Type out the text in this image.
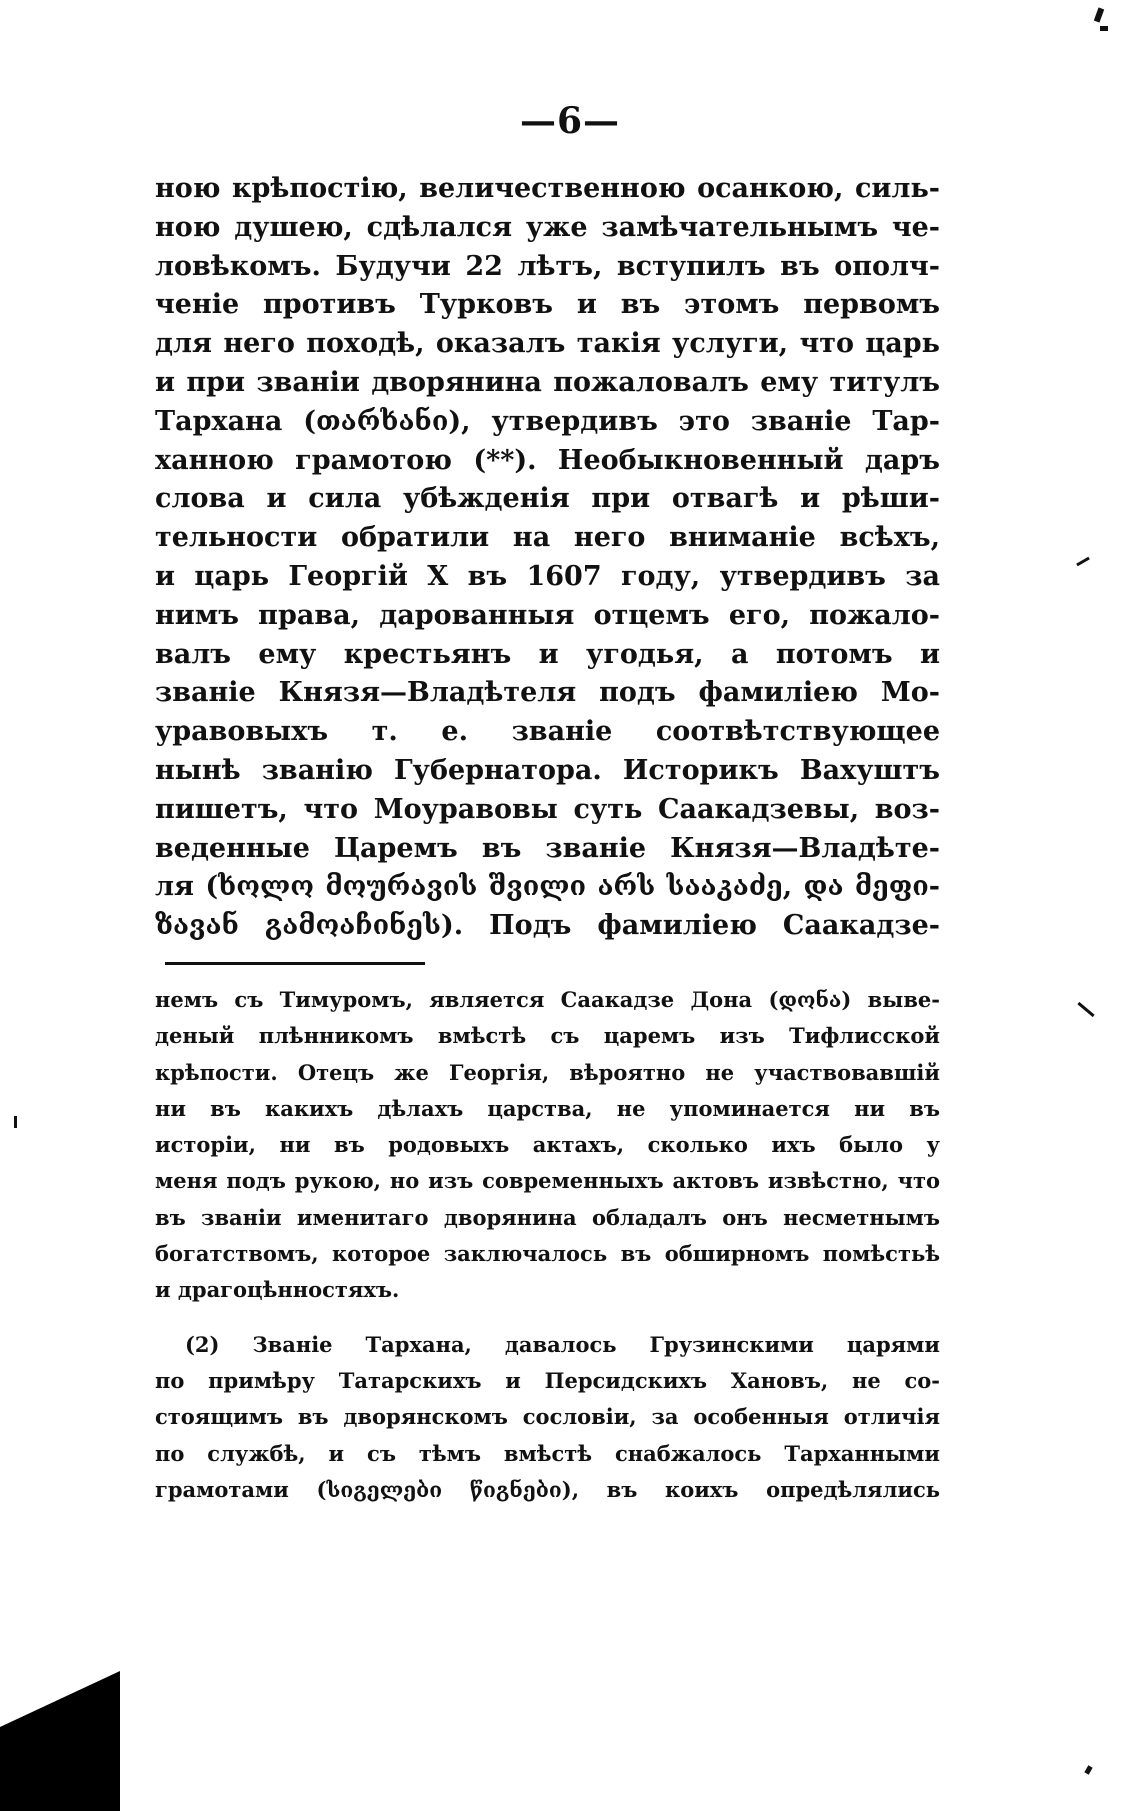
—6—
ною крѣпостію, величественною осанкою, силь-
ною душею, сдѣлался уже замѣчательнымъ че-
ловѣкомъ. Будучи 22 лѣтъ, вступилъ въ ополч-
ченіе противъ Турковъ и въ этомъ первомъ
для него походѣ, оказалъ такія услуги, что царь
и при званіи дворянина пожаловалъ ему титулъ
Тархана (თარხანი), утвердивъ это званіе Тар-
ханною грамотою (**). Необыкновенный даръ
слова и сила убѣжденія при отвагѣ и рѣши-
тельности обратили на него вниманіе всѣхъ,
и царь Георгій Х въ 1607 году, утвердивъ за
нимъ права, дарованныя отцемъ его, пожало-
валъ ему крестьянъ и угодья, а потомъ и
званіе Князя—Владѣтеля подъ фамиліею Мо-
уравовыхъ т. е. званіе соотвѣтствующее
нынѣ званію Губернатора. Историкъ Вахуштъ
пишетъ, что Моуравовы суть Саакадзевы, воз-
веденные Царемъ въ званіе Князя—Владѣте-
ля (ხოლო მოურავის შვილი არს სააკაძე, და მეფი-
ზავან გამოაჩინეს). Подъ фамиліею Саакадзе-
немъ съ Тимуромъ, является Саакадзе Дона (დონა) выве-
деный плѣнникомъ вмѣстѣ съ царемъ изъ Тифлисской
крѣпости. Отецъ же Георгія, вѣроятно не участвовавшій
ни въ какихъ дѣлахъ царства, не упоминается ни въ
исторіи, ни въ родовыхъ актахъ, сколько ихъ было у
меня подъ рукою, но изъ современныхъ актовъ извѣстно, что
въ званіи именитаго дворянина обладалъ онъ несметнымъ
богатствомъ, которое заключалось въ обширномъ помѣстьѣ
и драгоцѣнностяхъ.
(2) Званіе Тархана, давалось Грузинскими царями
по примѣру Татарскихъ и Персидскихъ Хановъ, не со-
стоящимъ въ дворянскомъ сословіи, за особенныя отличія
по службѣ, и съ тѣмъ вмѣстѣ снабжалось Тарханными
грамотами (სიგელები წიგნები), въ коихъ опредѣлялись
